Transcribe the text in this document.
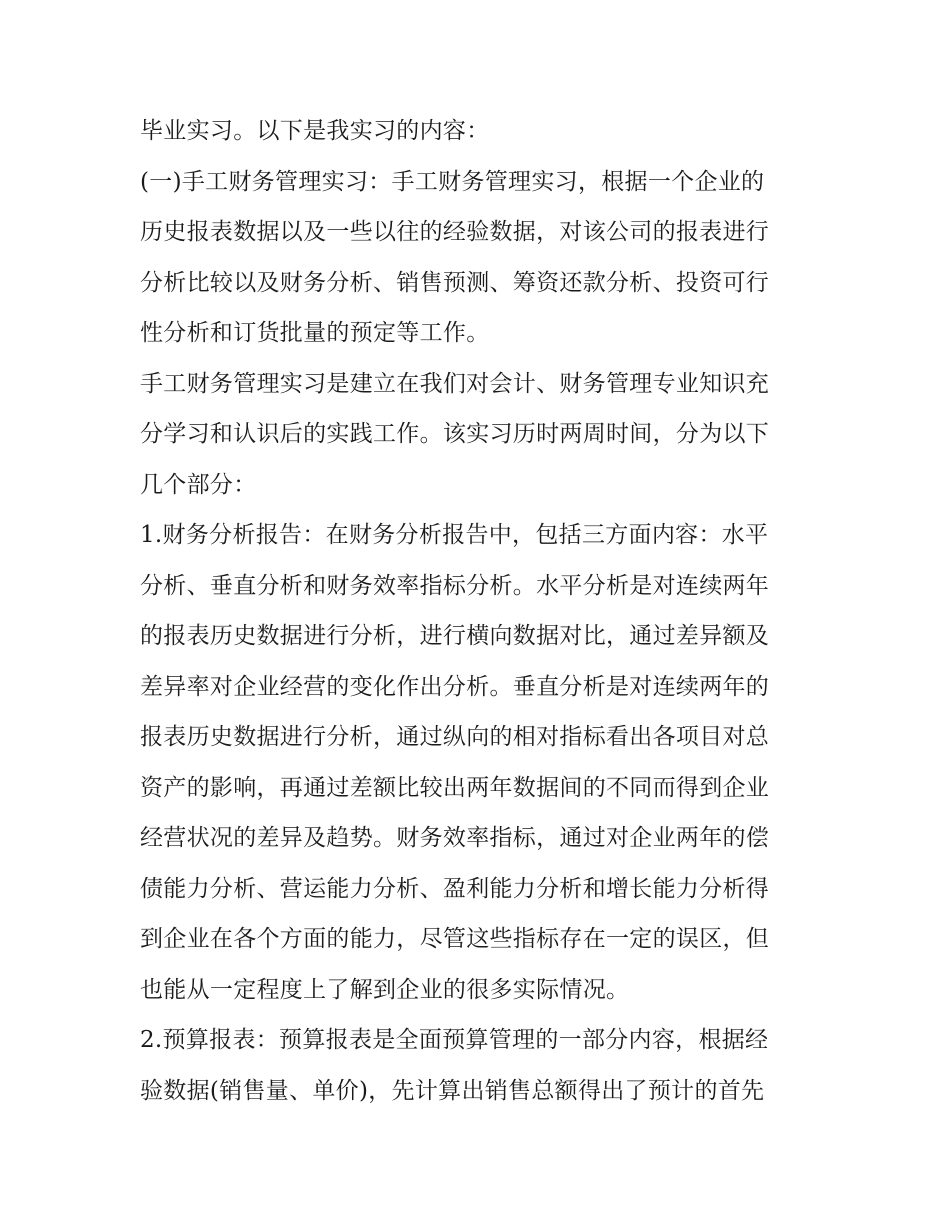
毕业实习。以下是我实习的内容：
(一)手工财务管理实习：手工财务管理实习，根据一个企业的
历史报表数据以及一些以往的经验数据，对该公司的报表进行
分析比较以及财务分析、销售预测、筹资还款分析、投资可行
性分析和订货批量的预定等工作。
手工财务管理实习是建立在我们对会计、财务管理专业知识充
分学习和认识后的实践工作。该实习历时两周时间，分为以下
几个部分：
1.财务分析报告：在财务分析报告中，包括三方面内容：水平
分析、垂直分析和财务效率指标分析。水平分析是对连续两年
的报表历史数据进行分析，进行横向数据对比，通过差异额及
差异率对企业经营的变化作出分析。垂直分析是对连续两年的
报表历史数据进行分析，通过纵向的相对指标看出各项目对总
资产的影响，再通过差额比较出两年数据间的不同而得到企业
经营状况的差异及趋势。财务效率指标，通过对企业两年的偿
债能力分析、营运能力分析、盈利能力分析和增长能力分析得
到企业在各个方面的能力，尽管这些指标存在一定的误区，但
也能从一定程度上了解到企业的很多实际情况。
2.预算报表：预算报表是全面预算管理的一部分内容，根据经
验数据(销售量、单价)，先计算出销售总额得出了预计的首先
